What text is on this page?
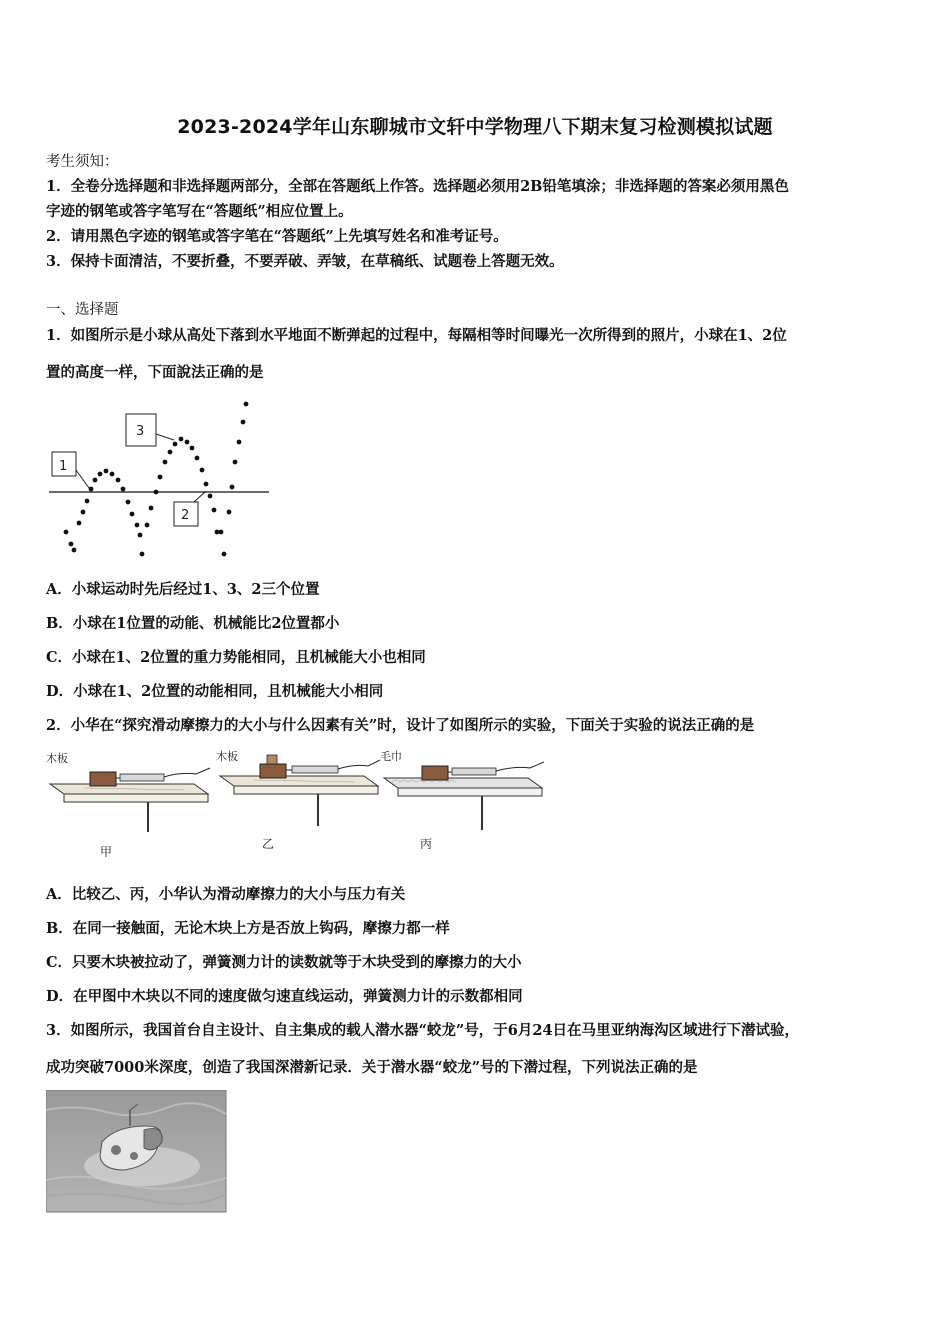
2023-2024学年山东聊城市文轩中学物理八下期末复习检测模拟试题
考生须知：
1．全卷分选择题和非选择题两部分，全部在答题纸上作答。选择题必须用2B铅笔填涂；非选择题的答案必须用黑色
字迹的钢笔或答字笔写在“答题纸”相应位置上。
2．请用黑色字迹的钢笔或答字笔在“答题纸”上先填写姓名和准考证号。
3．保持卡面清洁，不要折叠，不要弄破、弄皱，在草稿纸、试题卷上答题无效。
一、选择题
1．如图所示是小球从高处下落到水平地面不断弹起的过程中，每隔相等时间曝光一次所得到的照片，小球在1、2位
置的高度一样，下面說法正确的是
1
3
2
A．小球运动时先后经过1、3、2三个位置
B．小球在1位置的动能、机械能比2位置都小
C．小球在1、2位置的重力势能相同，且机械能大小也相同
D．小球在1、2位置的动能相同，且机械能大小相同
2．小华在“探究滑动摩擦力的大小与什么因素有关”时，设计了如图所示的实验，下面关于实验的说法正确的是
木板
甲
木板
乙
毛巾
丙
A．比较乙、丙，小华认为滑动摩擦力的大小与压力有关
B．在同一接触面，无论木块上方是否放上钩码，摩擦力都一样
C．只要木块被拉动了，弹簧测力计的读数就等于木块受到的摩擦力的大小
D．在甲图中木块以不同的速度做匀速直线运动，弹簧测力计的示数都相同
3．如图所示，我国首台自主设计、自主集成的载人潜水器“蛟龙”号，于6月24日在马里亚纳海沟区域进行下潜试验，
成功突破7000米深度，创造了我国深潜新记录．关于潜水器“蛟龙”号的下潜过程，下列说法正确的是
